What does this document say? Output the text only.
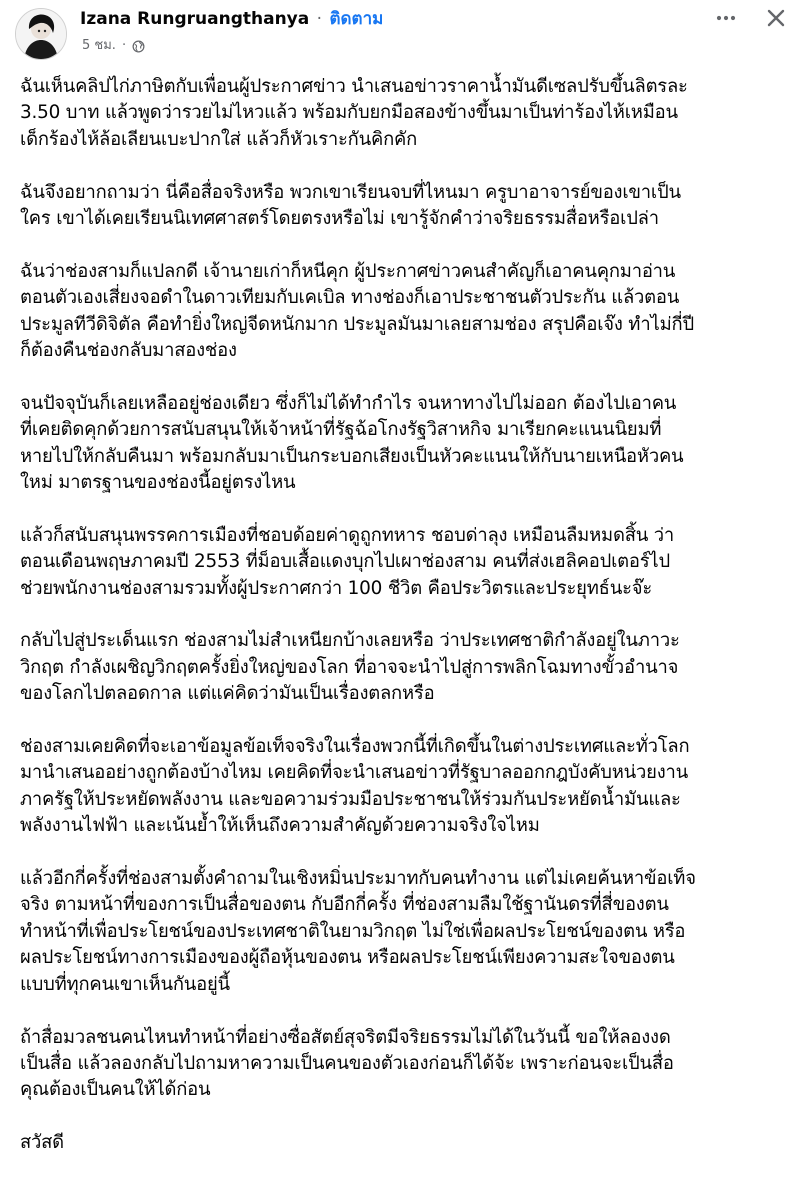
Izana Rungruangthanya · ติดตาม
5 ชม. ·

ฉันเห็นคลิปไก่ภาษิตกับเพื่อนผู้ประกาศข่าว นำเสนอข่าวราคาน้ำมันดีเซลปรับขึ้นลิตรละ
3.50 บาท แล้วพูดว่ารวยไม่ไหวแล้ว พร้อมกับยกมือสองข้างขึ้นมาเป็นท่าร้องไห้เหมือน
เด็กร้องไห้ล้อเลียนเบะปากใส่ แล้วก็หัวเราะกันคิกคัก

ฉันจึงอยากถามว่า นี่คือสื่อจริงหรือ พวกเขาเรียนจบที่ไหนมา ครูบาอาจารย์ของเขาเป็น
ใคร เขาได้เคยเรียนนิเทศศาสตร์โดยตรงหรือไม่ เขารู้จักคำว่าจริยธรรมสื่อหรือเปล่า

ฉันว่าช่องสามก็แปลกดี เจ้านายเก่าก็หนีคุก ผู้ประกาศข่าวคนสำคัญก็เอาคนคุกมาอ่าน
ตอนตัวเองเสี่ยงจอดำในดาวเทียมกับเคเบิล ทางช่องก็เอาประชาชนตัวประกัน แล้วตอน
ประมูลทีวีดิจิตัล คือทำยิ่งใหญ่จีดหนักมาก ประมูลมันมาเลยสามช่อง สรุปคือเจ๊ง ทำไม่กี่ปี
ก็ต้องคืนช่องกลับมาสองช่อง

จนปัจจุบันก็เลยเหลืออยู่ช่องเดียว ซึ่งก็ไม่ได้ทำกำไร จนหาทางไปไม่ออก ต้องไปเอาคน
ที่เคยติดคุกด้วยการสนับสนุนให้เจ้าหน้าที่รัฐฉ้อโกงรัฐวิสาหกิจ มาเรียกคะแนนนิยมที่
หายไปให้กลับคืนมา พร้อมกลับมาเป็นกระบอกเสียงเป็นหัวคะแนนให้กับนายเหนือหัวคน
ใหม่ มาตรฐานของช่องนี้อยู่ตรงไหน

แล้วก็สนับสนุนพรรคการเมืองที่ชอบด้อยค่าดูถูกทหาร ชอบด่าลุง เหมือนลืมหมดสิ้น ว่า
ตอนเดือนพฤษภาคมปี 2553 ที่ม็อบเสื้อแดงบุกไปเผาช่องสาม คนที่ส่งเฮลิคอปเตอร์ไป
ช่วยพนักงานช่องสามรวมทั้งผู้ประกาศกว่า 100 ชีวิต คือประวิตรและประยุทธ์นะจ๊ะ

กลับไปสู่ประเด็นแรก ช่องสามไม่สำเหนียกบ้างเลยหรือ ว่าประเทศชาติกำลังอยู่ในภาวะ
วิกฤต กำลังเผชิญวิกฤตครั้งยิ่งใหญ่ของโลก ที่อาจจะนำไปสู่การพลิกโฉมทางขั้วอำนาจ
ของโลกไปตลอดกาล แต่แค่คิดว่ามันเป็นเรื่องตลกหรือ

ช่องสามเคยคิดที่จะเอาข้อมูลข้อเท็จจริงในเรื่องพวกนี้ที่เกิดขึ้นในต่างประเทศและทั่วโลก
มานำเสนออย่างถูกต้องบ้างไหม เคยคิดที่จะนำเสนอข่าวที่รัฐบาลออกกฎบังคับหน่วยงาน
ภาครัฐให้ประหยัดพลังงาน และขอความร่วมมือประชาชนให้ร่วมกันประหยัดน้ำมันและ
พลังงานไฟฟ้า และเน้นย้ำให้เห็นถึงความสำคัญด้วยความจริงใจไหม

แล้วอีกกี่ครั้งที่ช่องสามตั้งคำถามในเชิงหมิ่นประมาทกับคนทำงาน แต่ไม่เคยค้นหาข้อเท็จ
จริง ตามหน้าที่ของการเป็นสื่อของตน กับอีกกี่ครั้ง ที่ช่องสามลืมใช้ฐานันดรที่สี่ของตน
ทำหน้าที่เพื่อประโยชน์ของประเทศชาติในยามวิกฤต ไม่ใช่เพื่อผลประโยชน์ของตน หรือ
ผลประโยชน์ทางการเมืองของผู้ถือหุ้นของตน หรือผลประโยชน์เพียงความสะใจของตน
แบบที่ทุกคนเขาเห็นกันอยู่นี้

ถ้าสื่อมวลชนคนไหนทำหน้าที่อย่างซื่อสัตย์สุจริตมีจริยธรรมไม่ได้ในวันนี้ ขอให้ลองงด
เป็นสื่อ แล้วลองกลับไปถามหาความเป็นคนของตัวเองก่อนก็ได้จ้ะ เพราะก่อนจะเป็นสื่อ
คุณต้องเป็นคนให้ได้ก่อน

สวัสดี
